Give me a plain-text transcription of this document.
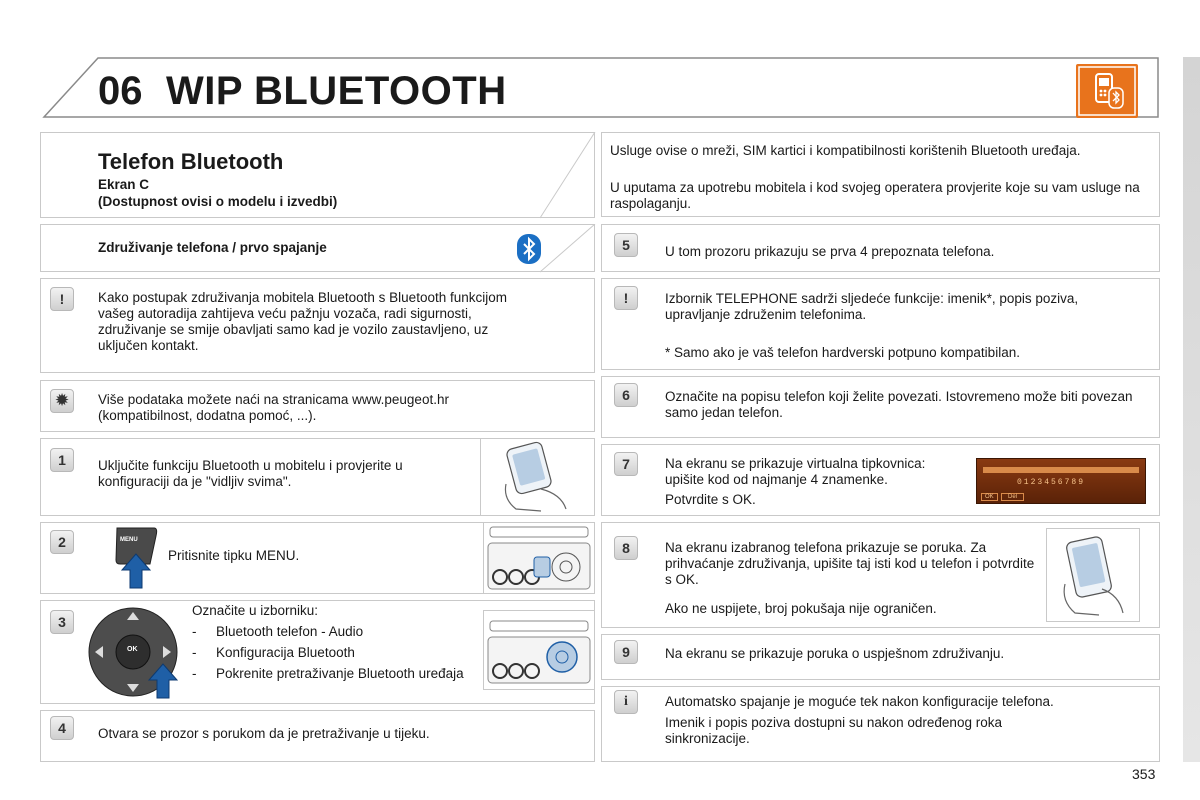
06 WIP BLUETOOTH
Telefon Bluetooth
Ekran C
(Dostupnost ovisi o modelu i izvedbi)
Združivanje telefona / prvo spajanje
!	Kako postupak združivanja mobitela Bluetooth s Bluetooth funkcijom vašeg autoradija zahtijeva veću pažnju vozača, radi sigurnosti, združivanje se smije obavljati samo kad je vozilo zaustavljeno, uz uključen kontakt.
✹	Više podataka možete naći na stranicama www.peugeot.hr (kompatibilnost, dodatna pomoć, ...).
1	Uključite funkciju Bluetooth u mobitelu i provjerite u konfiguraciji da je "vidljiv svima".
2	MENU
Pritisnite tipku MENU.
3
OK
Označite u izborniku:
-	Bluetooth telefon - Audio
-	Konfiguracija Bluetooth
-	Pokrenite pretraživanje Bluetooth uređaja
4	Otvara se prozor s porukom da je pretraživanje u tijeku.
Usluge ovise o mreži, SIM kartici i kompatibilnosti korištenih Bluetooth uređaja.
U uputama za upotrebu mobitela i kod svojeg operatera provjerite koje su vam usluge na raspolaganju.
5	U tom prozoru prikazuju se prva 4 prepoznata telefona.
!	Izbornik TELEPHONE sadrži sljedeće funkcije: imenik*, popis poziva, upravljanje združenim telefonima.
* Samo ako je vaš telefon hardverski potpuno kompatibilan.
6	Označite na popisu telefon koji želite povezati. Istovremeno može biti povezan samo jedan telefon.
7	Na ekranu se prikazuje virtualna tipkovnica: upišite kod od najmanje 4 znamenke.
Potvrdite s OK.
0123456789
OK	Del
8	Na ekranu izabranog telefona prikazuje se poruka. Za prihvaćanje združivanja, upišite taj isti kod u telefon i potvrdite s OK.
Ako ne uspijete, broj pokušaja nije ograničen.
9	Na ekranu se prikazuje poruka o uspješnom združivanju.
i	Automatsko spajanje je moguće tek nakon konfiguracije telefona.
Imenik i popis poziva dostupni su nakon određenog roka sinkronizacije.
353
